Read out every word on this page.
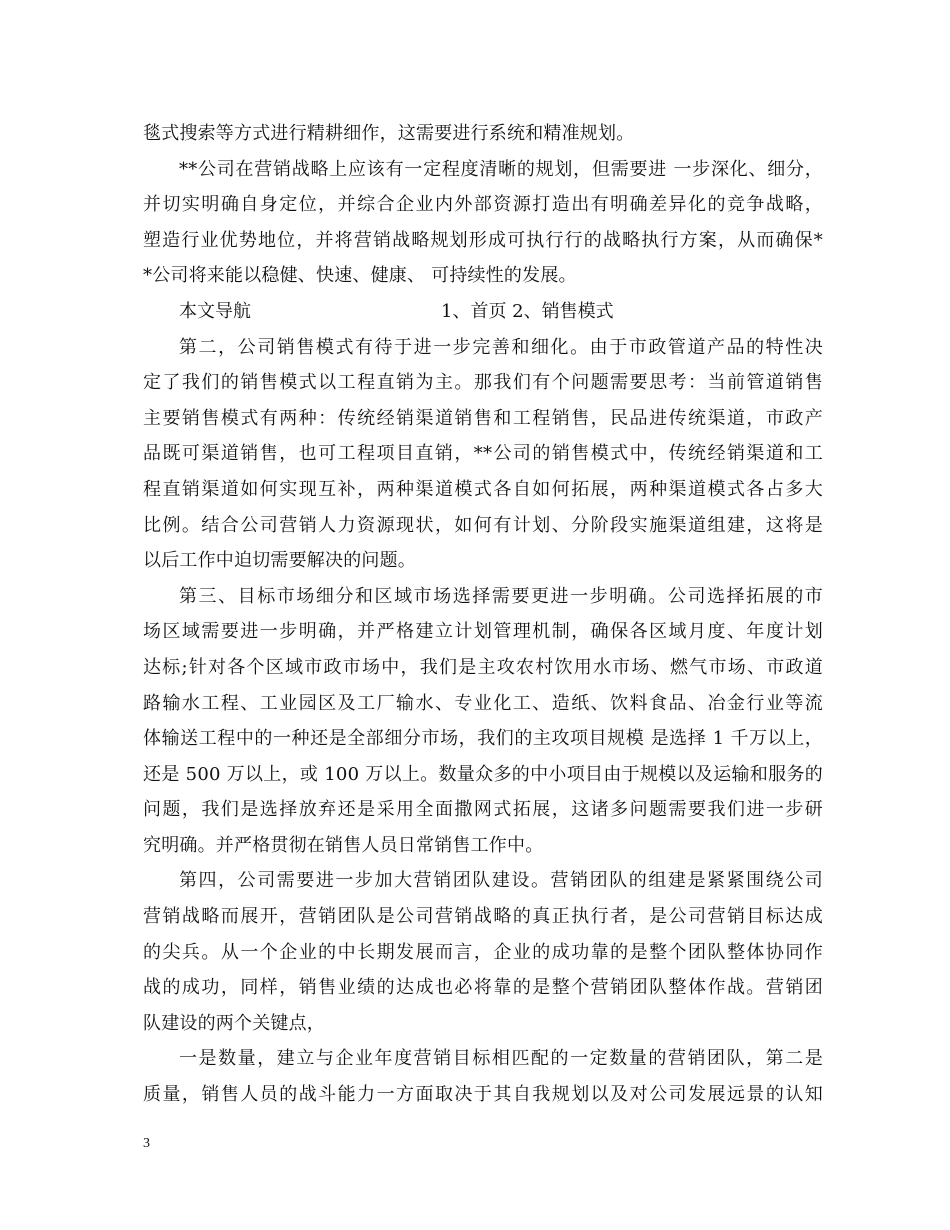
毯式搜索等方式进行精耕细作，这需要进行系统和精准规划。
**公司在营销战略上应该有一定程度清晰的规划，但需要进 一步深化、细分，
并切实明确自身定位，并综合企业内外部资源打造出有明确差异化的竞争战略，
塑造行业优势地位，并将营销战略规划形成可执行行的战略执行方案，从而确保*
*公司将来能以稳健、快速、健康、 可持续性的发展。
本文导航	1、首页 2、销售模式
第二，公司销售模式有待于进一步完善和细化。由于市政管道产品的特性决
定了我们的销售模式以工程直销为主。那我们有个问题需要思考：当前管道销售
主要销售模式有两种：传统经销渠道销售和工程销售，民品进传统渠道，市政产
品既可渠道销售，也可工程项目直销，**公司的销售模式中，传统经销渠道和工
程直销渠道如何实现互补，两种渠道模式各自如何拓展，两种渠道模式各占多大
比例。结合公司营销人力资源现状，如何有计划、分阶段实施渠道组建，这将是
以后工作中迫切需要解决的问题。
第三、目标市场细分和区域市场选择需要更进一步明确。公司选择拓展的市
场区域需要进一步明确，并严格建立计划管理机制，确保各区域月度、年度计划
达标;针对各个区域市政市场中，我们是主攻农村饮用水市场、燃气市场、市政道
路输水工程、工业园区及工厂输水、专业化工、造纸、饮料食品、冶金行业等流
体输送工程中的一种还是全部细分市场，我们的主攻项目规模 是选择 1 千万以上，
还是 500 万以上，或 100 万以上。数量众多的中小项目由于规模以及运输和服务的
问题，我们是选择放弃还是采用全面撒网式拓展，这诸多问题需要我们进一步研
究明确。并严格贯彻在销售人员日常销售工作中。
第四，公司需要进一步加大营销团队建设。营销团队的组建是紧紧围绕公司
营销战略而展开，营销团队是公司营销战略的真正执行者，是公司营销目标达成
的尖兵。从一个企业的中长期发展而言，企业的成功靠的是整个团队整体协同作
战的成功，同样，销售业绩的达成也必将靠的是整个营销团队整体作战。营销团
队建设的两个关键点，
一是数量，建立与企业年度营销目标相匹配的一定数量的营销团队，第二是
质量，销售人员的战斗能力一方面取决于其自我规划以及对公司发展远景的认知
3
